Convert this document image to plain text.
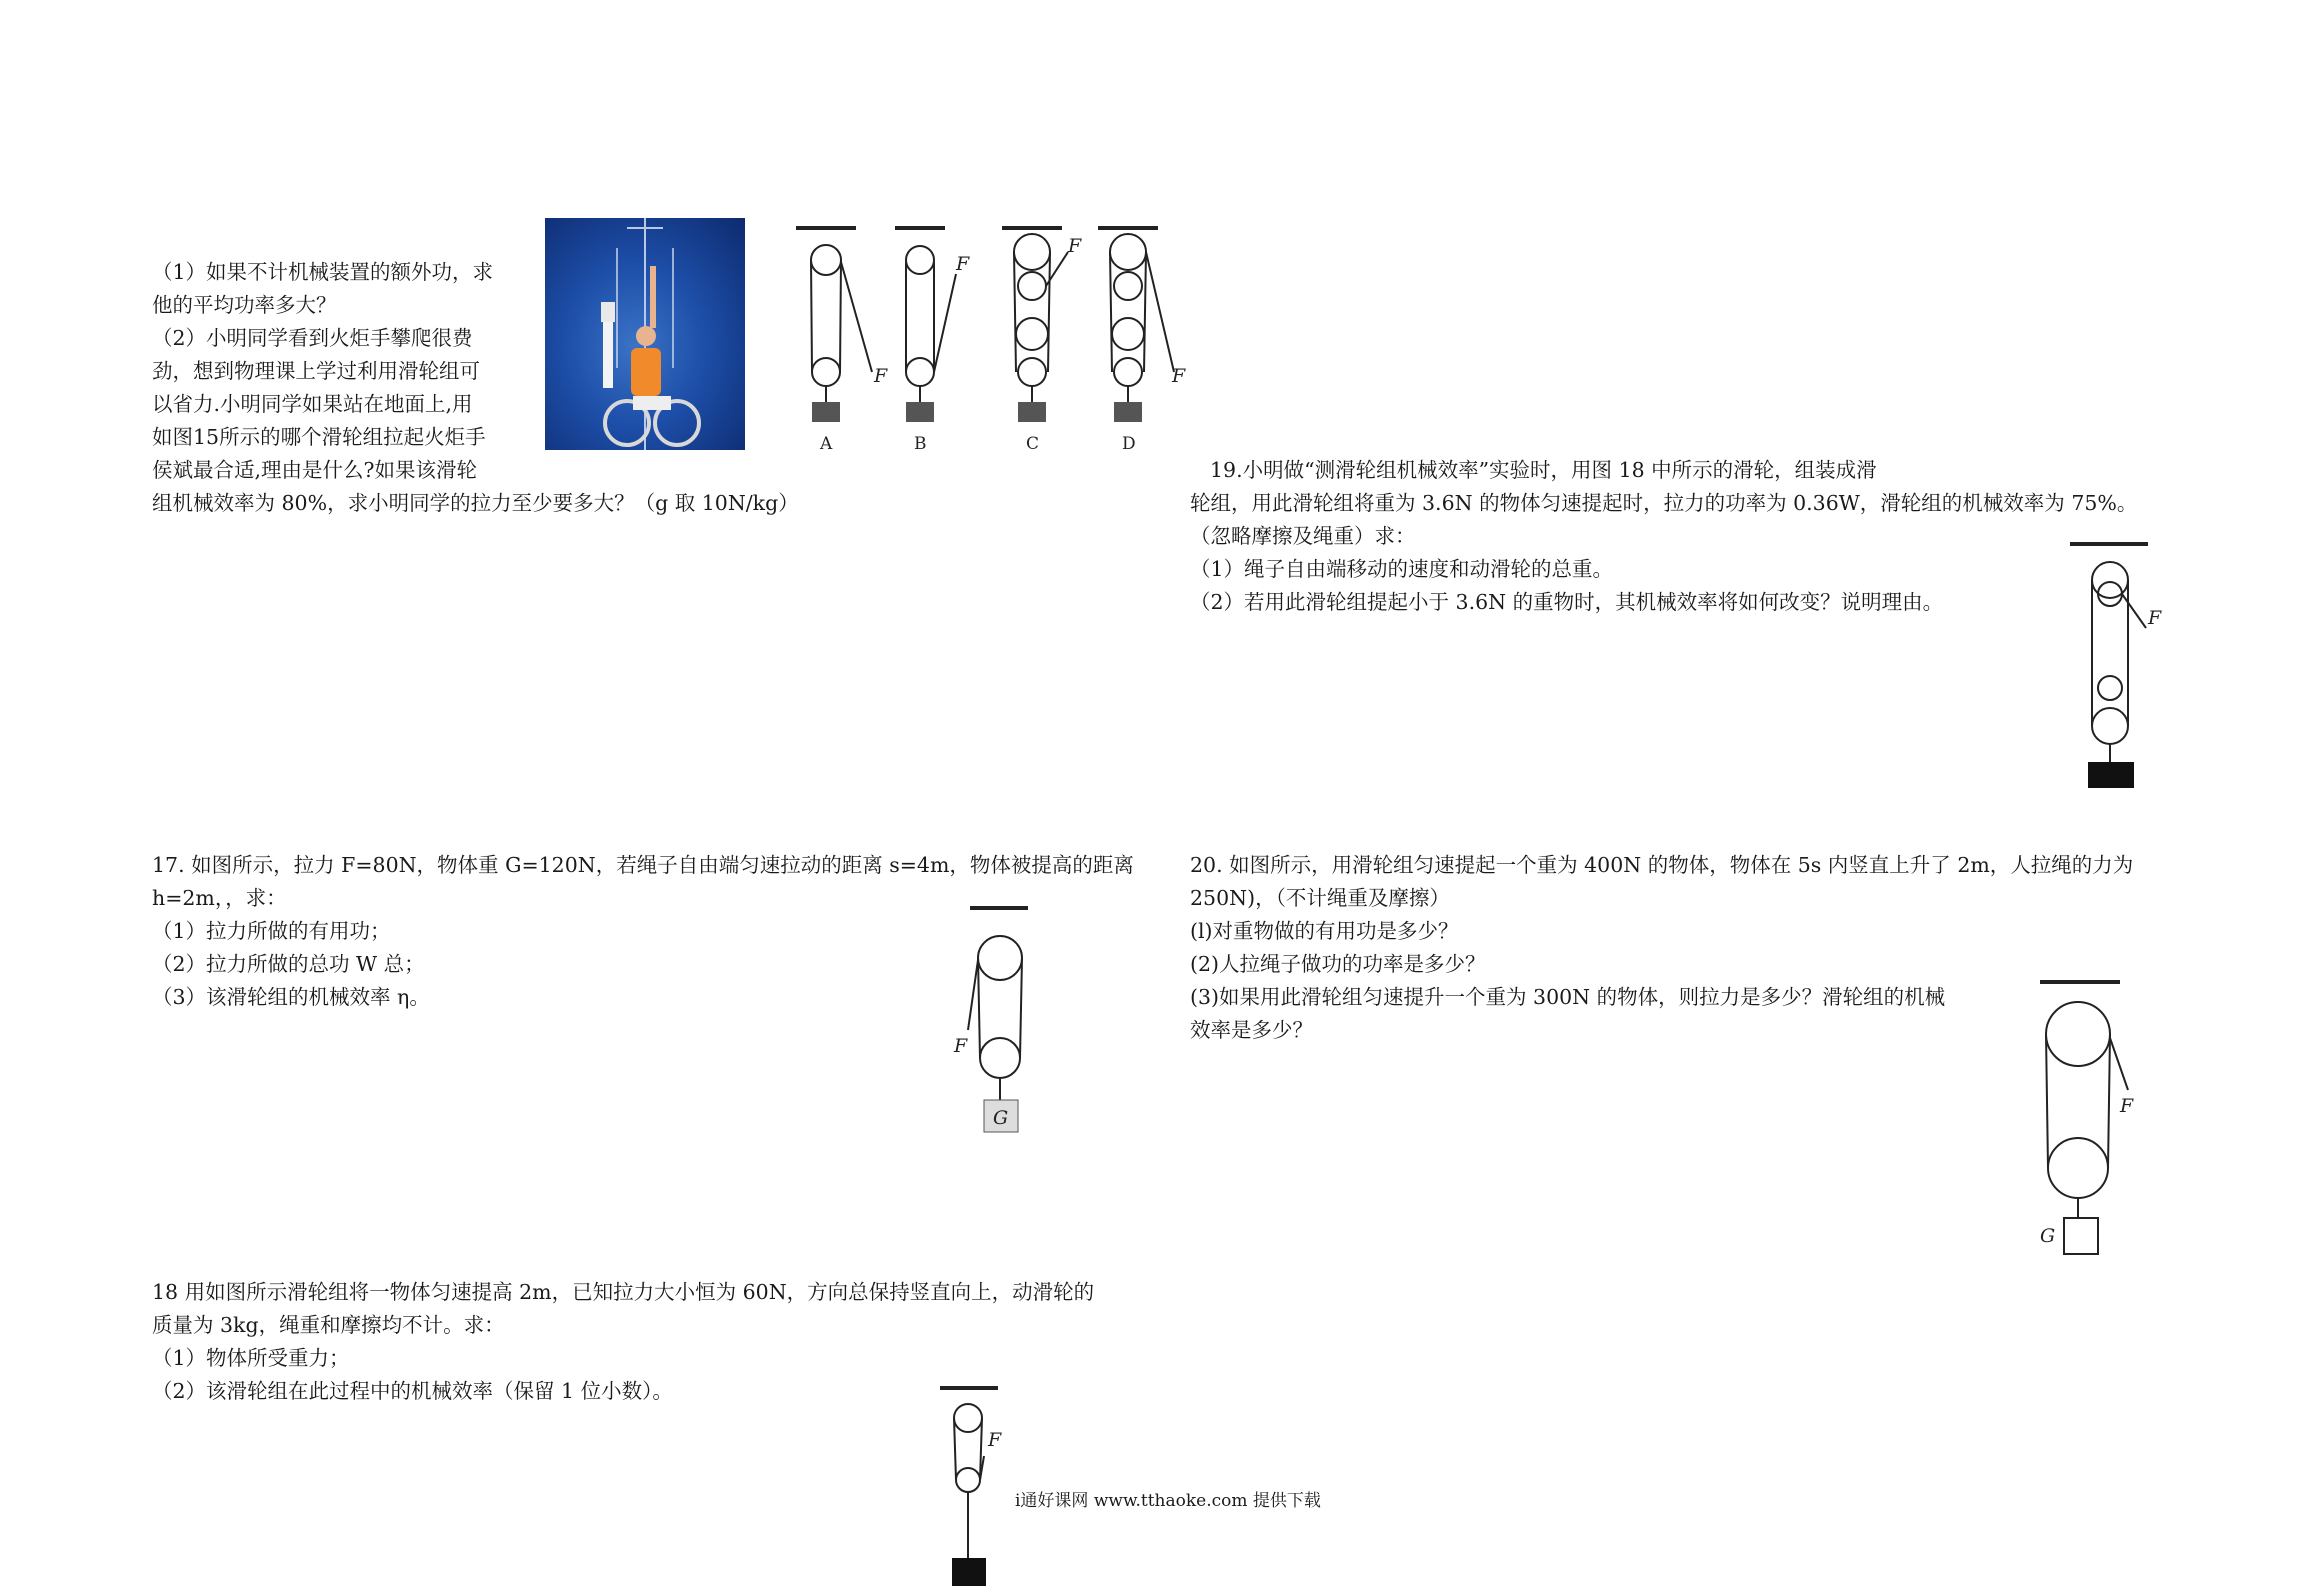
（1）如果不计机械装置的额外功，求

他的平均功率多大？

（2）小明同学看到火炬手攀爬很费

劲，想到物理课上学过利用滑轮组可

以省力.小明同学如果站在地面上,用

如图15所示的哪个滑轮组拉起火炬手

侯斌最合适,理由是什么?如果该滑轮

组机械效率为 80%，求小明同学的拉力至少要多大？（g 取 10N/kg）

F
F
F
F
A	B	C	D

19.小明做“测滑轮组机械效率”实验时，用图 18 中所示的滑轮，组装成滑

轮组，用此滑轮组将重为 3.6N 的物体匀速提起时，拉力的功率为 0.36W，滑轮组的机械效率为 75%。

（忽略摩擦及绳重）求：

（1）绳子自由端移动的速度和动滑轮的总重。

（2）若用此滑轮组提起小于 3.6N 的重物时，其机械效率将如何改变？说明理由。

F

17. 如图所示，拉力 F=80N，物体重 G=120N，若绳子自由端匀速拉动的距离 s=4m，物体被提高的距离

h=2m，，求：

（1）拉力所做的有用功；

（2）拉力所做的总功 W 总；

（3）该滑轮组的机械效率 η。

F
G

20. 如图所示，用滑轮组匀速提起一个重为 400N 的物体，物体在 5s 内竖直上升了 2m，人拉绳的力为

250N)，（不计绳重及摩擦）

(l)对重物做的有用功是多少？

(2)人拉绳子做功的功率是多少？

(3)如果用此滑轮组匀速提升一个重为 300N 的物体，则拉力是多少？滑轮组的机械

效率是多少？

F
G

18 用如图所示滑轮组将一物体匀速提高 2m，已知拉力大小恒为 60N，方向总保持竖直向上，动滑轮的

质量为 3kg，绳重和摩擦均不计。求：

（1）物体所受重力；

（2）该滑轮组在此过程中的机械效率（保留 1 位小数）。

F
i通好课网 www.tthaoke.com 提供下载
